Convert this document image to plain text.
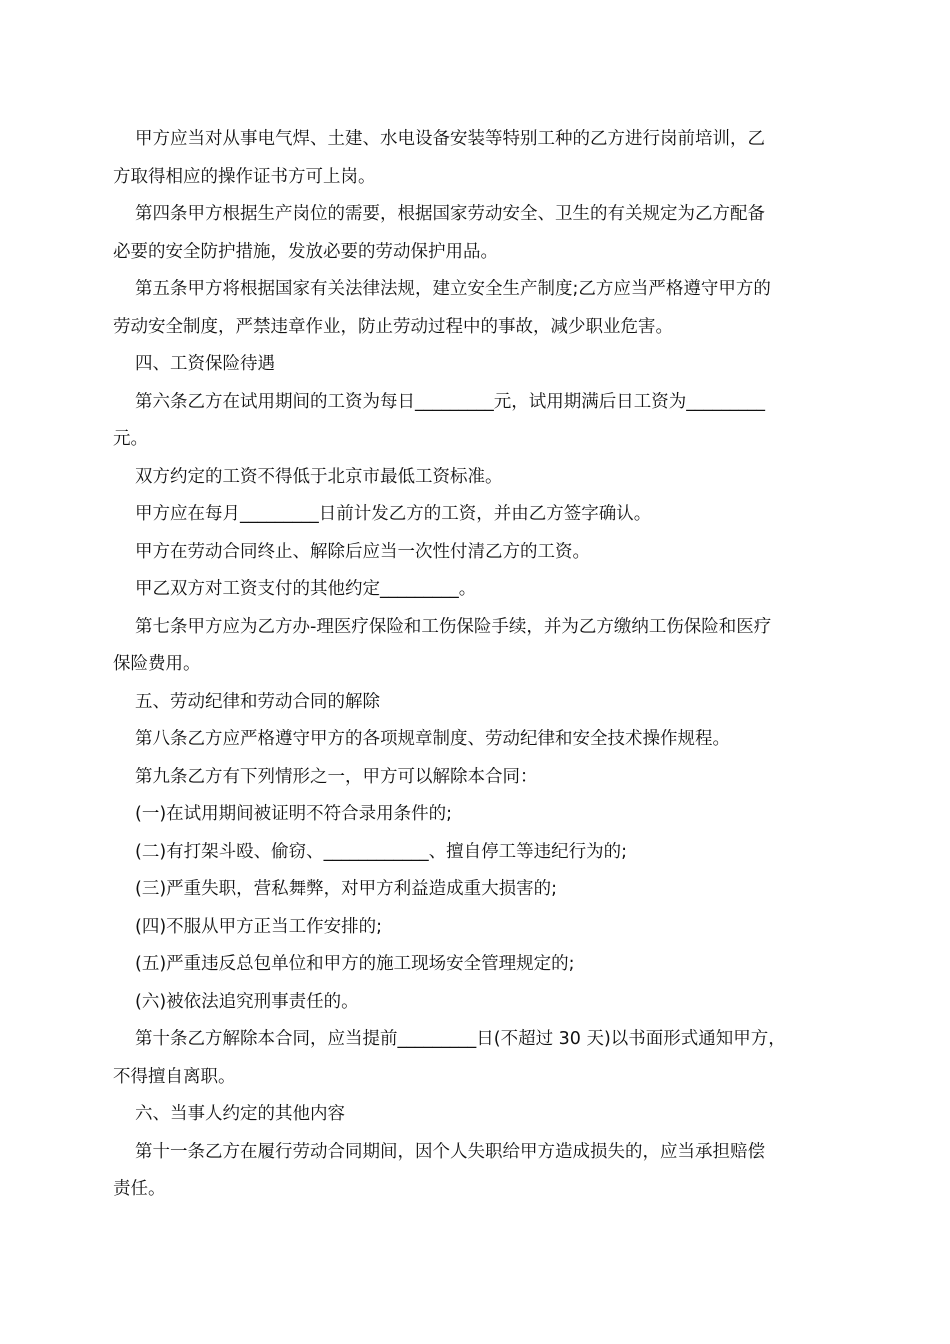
甲方应当对从事电气焊、土建、水电设备安装等特别工种的乙方进行岗前培训，乙

方取得相应的操作证书方可上岗。

第四条甲方根据生产岗位的需要，根据国家劳动安全、卫生的有关规定为乙方配备

必要的安全防护措施，发放必要的劳动保护用品。

第五条甲方将根据国家有关法律法规，建立安全生产制度;乙方应当严格遵守甲方的

劳动安全制度，严禁违章作业，防止劳动过程中的事故，减少职业危害。

四、工资保险待遇

第六条乙方在试用期间的工资为每日_________元，试用期满后日工资为_________

元。

双方约定的工资不得低于北京市最低工资标准。

甲方应在每月_________日前计发乙方的工资，并由乙方签字确认。

甲方在劳动合同终止、解除后应当一次性付清乙方的工资。

甲乙双方对工资支付的其他约定_________。

第七条甲方应为乙方办-理医疗保险和工伤保险手续，并为乙方缴纳工伤保险和医疗

保险费用。

五、劳动纪律和劳动合同的解除

第八条乙方应严格遵守甲方的各项规章制度、劳动纪律和安全技术操作规程。

第九条乙方有下列情形之一，甲方可以解除本合同：

(一)在试用期间被证明不符合录用条件的;

(二)有打架斗殴、偷窃、____________、擅自停工等违纪行为的;

(三)严重失职，营私舞弊，对甲方利益造成重大损害的;

(四)不服从甲方正当工作安排的;

(五)严重违反总包单位和甲方的施工现场安全管理规定的;

(六)被依法追究刑事责任的。

第十条乙方解除本合同，应当提前_________日(不超过 30 天)以书面形式通知甲方，

不得擅自离职。

六、当事人约定的其他内容

第十一条乙方在履行劳动合同期间，因个人失职给甲方造成损失的，应当承担赔偿

责任。
